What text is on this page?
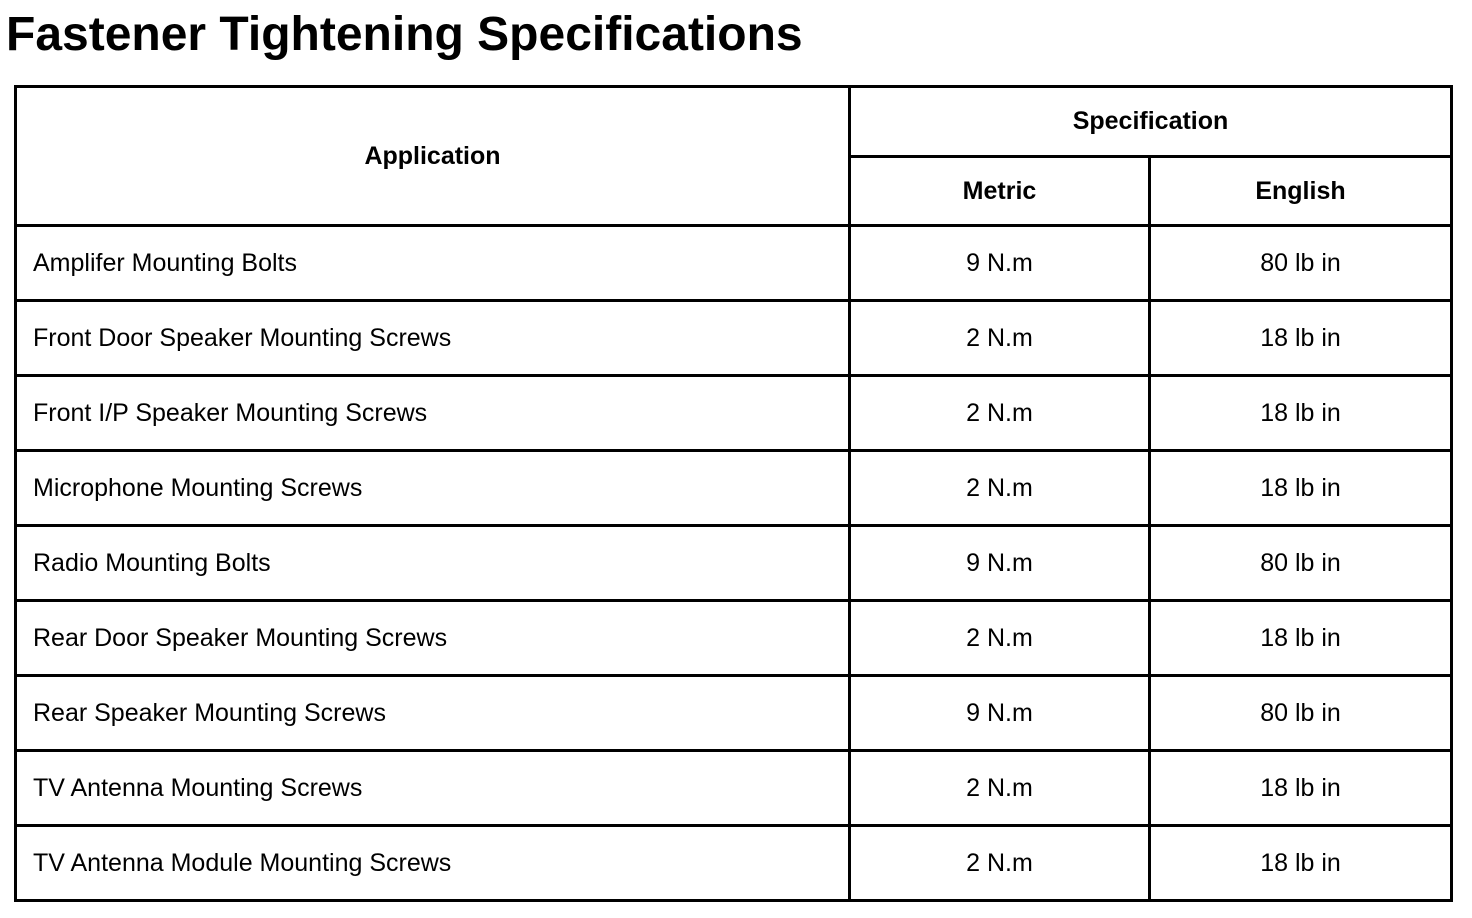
Fastener Tightening Specifications
Application	Specification	
	Metric	English
Amplifer Mounting Bolts	9 N.m	80 lb in
Front Door Speaker Mounting Screws	2 N.m	18 lb in
Front I/P Speaker Mounting Screws	2 N.m	18 lb in
Microphone Mounting Screws	2 N.m	18 lb in
Radio Mounting Bolts	9 N.m	80 lb in
Rear Door Speaker Mounting Screws	2 N.m	18 lb in
Rear Speaker Mounting Screws	9 N.m	80 lb in
TV Antenna Mounting Screws	2 N.m	18 lb in
TV Antenna Module Mounting Screws	2 N.m	18 lb in
